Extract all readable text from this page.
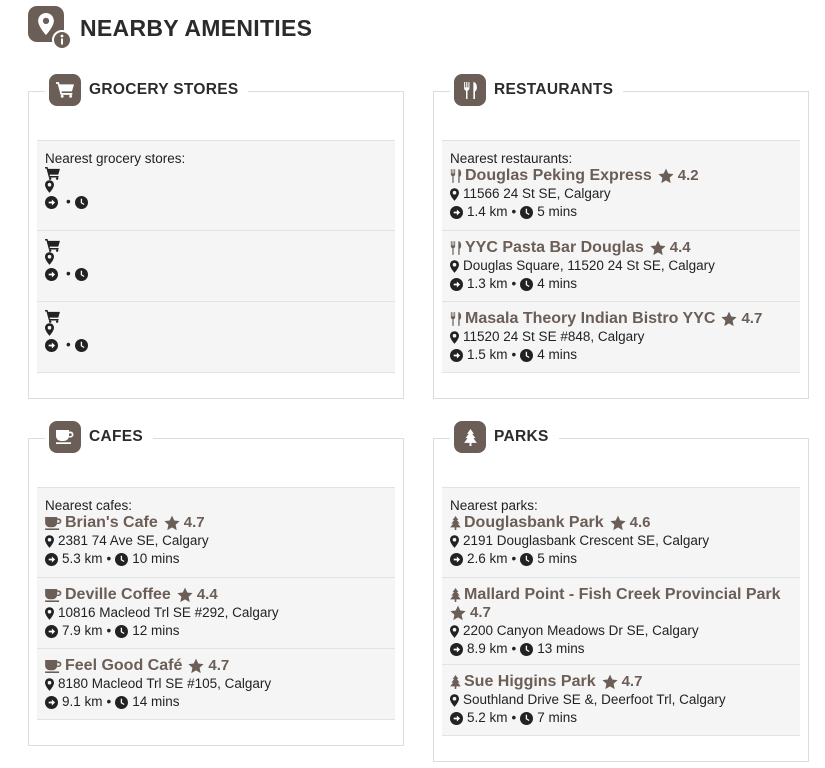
NEARBY AMENITIES
GROCERY STORES
Nearest grocery stores:
•
•
•
RESTAURANTS
Nearest restaurants:
Douglas Peking Express 4.2
11566 24 St SE, Calgary
1.4 km • 5 mins
YYC Pasta Bar Douglas 4.4
Douglas Square, 11520 24 St SE, Calgary
1.3 km • 4 mins
Masala Theory Indian Bistro YYC 4.7
11520 24 St SE #848, Calgary
1.5 km • 4 mins
CAFES
Nearest cafes:
Brian's Cafe 4.7
2381 74 Ave SE, Calgary
5.3 km • 10 mins
Deville Coffee 4.4
10816 Macleod Trl SE #292, Calgary
7.9 km • 12 mins
Feel Good Café 4.7
8180 Macleod Trl SE #105, Calgary
9.1 km • 14 mins
PARKS
Nearest parks:
Douglasbank Park 4.6
2191 Douglasbank Crescent SE, Calgary
2.6 km • 5 mins
Mallard Point - Fish Creek Provincial Park
4.7
2200 Canyon Meadows Dr SE, Calgary
8.9 km • 13 mins
Sue Higgins Park 4.7
Southland Drive SE &, Deerfoot Trl, Calgary
5.2 km • 7 mins
